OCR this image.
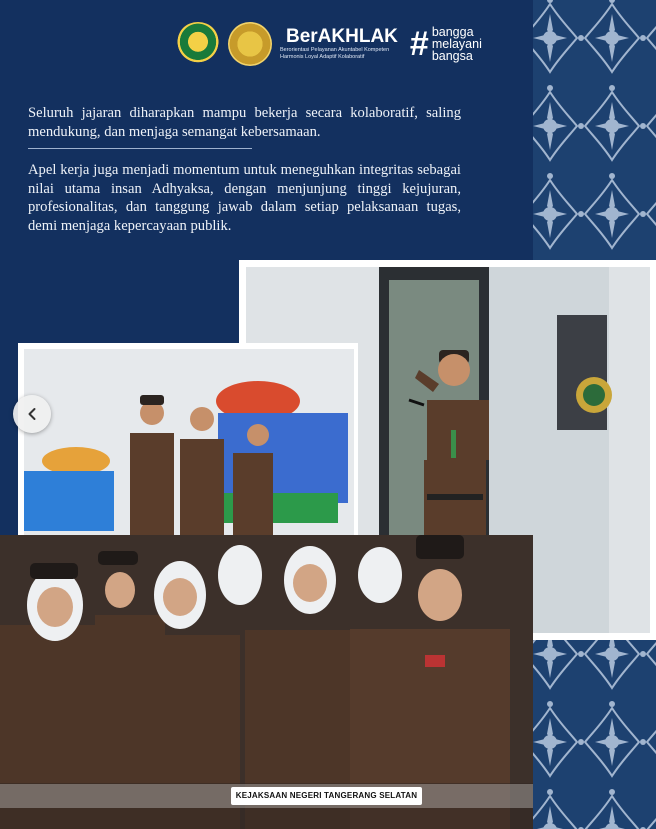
BerAKHLAK
Berorientasi Pelayanan Akuntabel Kompeten Harmonis Loyal Adaptif Kolaboratif	# bangga
melayani
bangsa

Seluruh jajaran diharapkan mampu bekerja secara kolaboratif, saling mendukung, dan menjaga semangat kebersamaan.

Apel kerja juga menjadi momentum untuk meneguhkan integritas sebagai nilai utama insan Adhyaksa, dengan menjunjung tinggi kejujuran, profesionalitas, dan tanggung jawab dalam setiap pelaksanaan tugas, demi menjaga kepercayaan publik.

KEJAKSAAN NEGERI TAN⁠GERANG SELATAN
